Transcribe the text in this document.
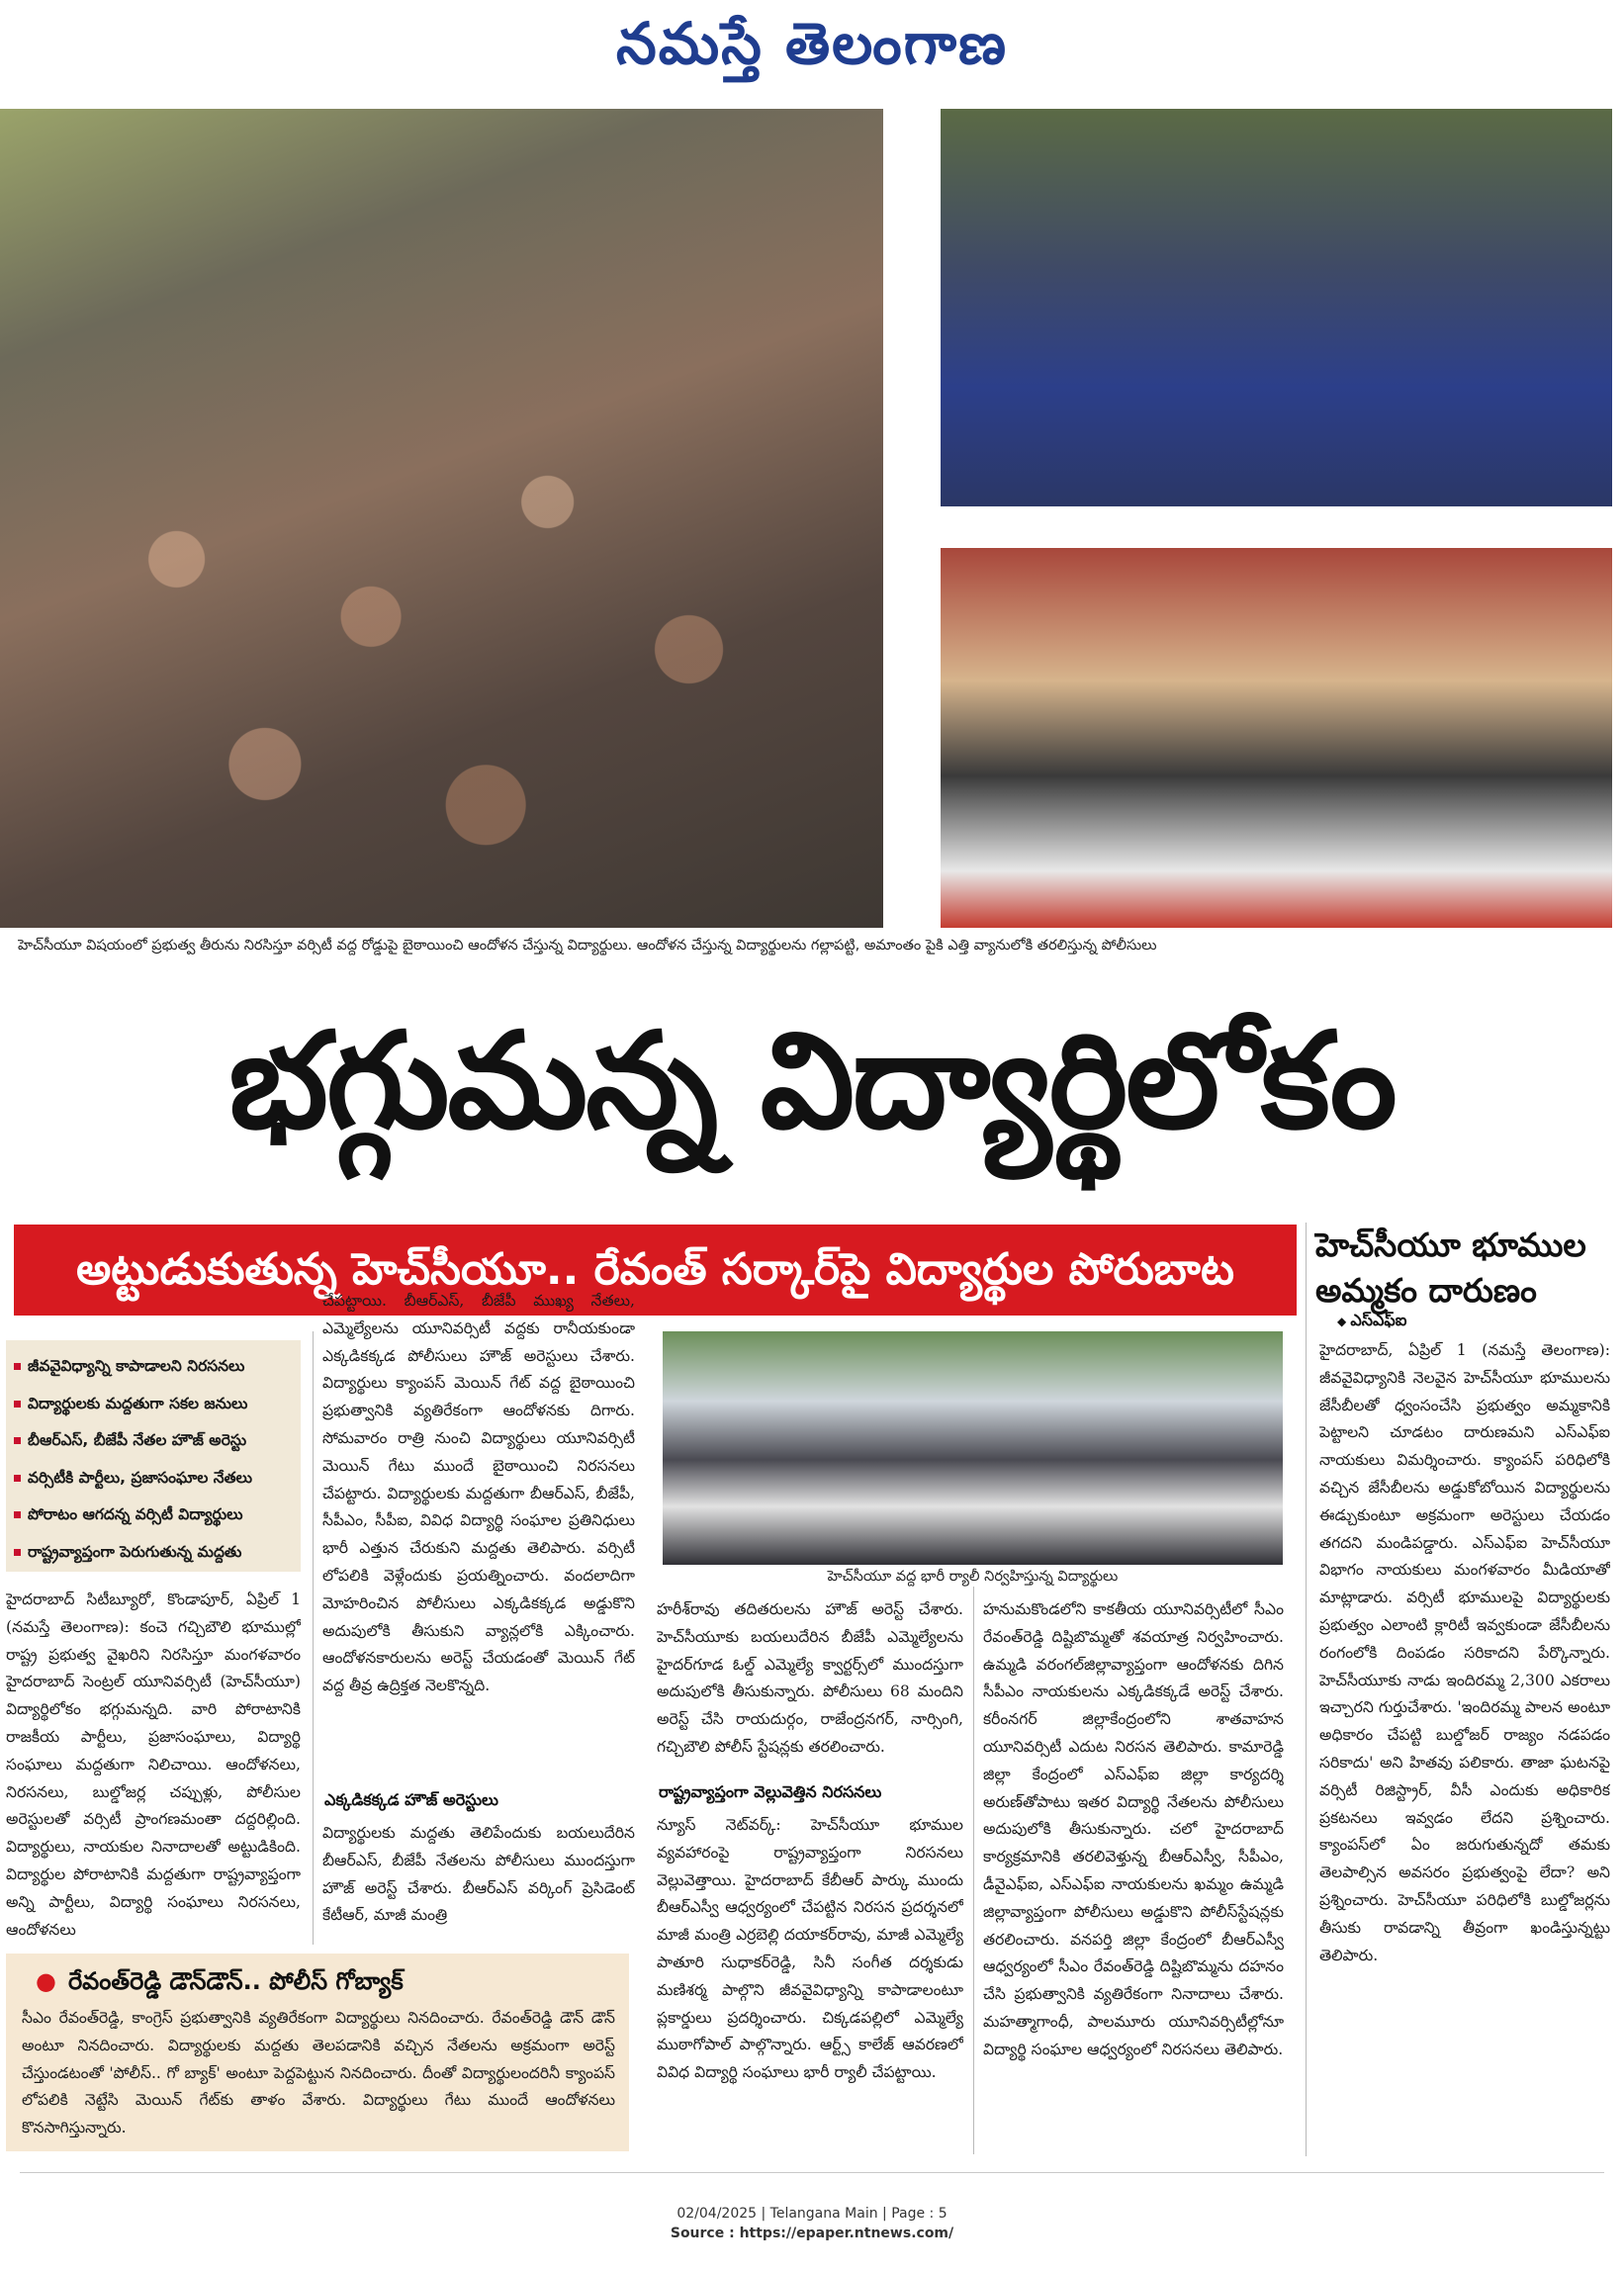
నమస్తే తెలంగాణ
హెచ్‌సీయూ విషయంలో ప్రభుత్వ తీరును నిరసిస్తూ వర్సిటీ వద్ద రోడ్డుపై బైఠాయించి ఆందోళన చేస్తున్న విద్యార్థులు. ఆందోళన చేస్తున్న విద్యార్థులను గల్లాపట్టి, అమాంతం పైకి ఎత్తి వ్యానులోకి తరలిస్తున్న పోలీసులు
భగ్గుమన్న విద్యార్థిలోకం
అట్టుడుకుతున్న హెచ్‌సీయూ.. రేవంత్‌ సర్కార్‌పై విద్యార్థుల పోరుబాట	హెచ్‌సీయూ భూముల అమ్మకం దారుణం
◆ ఎస్‌ఎఫ్‌ఐ
జీవవైవిధ్యాన్ని కాపాడాలని నిరసనలు
విద్యార్థులకు మద్దతుగా సకల జనులు
బీఆర్‌ఎస్‌, బీజేపీ నేతల హౌజ్‌ అరెస్టు
వర్సిటీకి పార్టీలు, ప్రజాసంఘాల నేతలు
పోరాటం ఆగదన్న వర్సిటీ విద్యార్థులు
రాష్ట్రవ్యాప్తంగా పెరుగుతున్న మద్దతు

హైదరాబాద్‌ సిటీబ్యూరో, కొండాపూర్‌, ఏప్రిల్‌ 1 (నమస్తే తెలంగాణ): కంచె గచ్చిబౌలి భూముల్లో రాష్ట్ర ప్రభుత్వ వైఖరిని నిరసిస్తూ మంగళవారం హైదరాబాద్‌ సెంట్రల్‌ యూనివర్సిటీ (హెచ్‌సీయూ) విద్యార్థిలోకం భగ్గుమన్నది. వారి పోరాటానికి రాజకీయ పార్టీలు, ప్రజాసంఘాలు, విద్యార్థి సంఘాలు మద్దతుగా నిలిచాయి. ఆందోళనలు, నిరసనలు, బుల్డోజర్ల చప్పుళ్లు, పోలీసుల అరెస్టులతో వర్సిటీ ప్రాంగణమంతా దద్దరిల్లింది. విద్యార్థులు, నాయకుల నినాదాలతో అట్టుడికింది. విద్యార్థుల పోరాటానికి మద్దతుగా రాష్ట్రవ్యాప్తంగా అన్ని పార్టీలు, విద్యార్థి సంఘాలు నిరసనలు, ఆందోళనలు

చేపట్టాయి. బీఆర్‌ఎస్‌, బీజేపీ ముఖ్య నేతలు, ఎమ్మెల్యేలను యూనివర్సిటీ వద్దకు రానీయకుండా ఎక్కడికక్కడ పోలీసులు హౌజ్‌ అరెస్టులు చేశారు. విద్యార్థులు క్యాంపస్‌ మెయిన్‌ గేట్‌ వద్ద బైఠాయించి ప్రభుత్వానికి వ్యతిరేకంగా ఆందోళనకు దిగారు. సోమవారం రాత్రి నుంచి విద్యార్థులు యూనివర్సిటీ మెయిన్‌ గేటు ముందే బైఠాయించి నిరసనలు చేపట్టారు. విద్యార్థులకు మద్దతుగా బీఆర్‌ఎస్‌, బీజేపీ, సీపీఎం, సీపీఐ, వివిధ విద్యార్థి సంఘాల ప్రతినిధులు భారీ ఎత్తున చేరుకుని మద్దతు తెలిపారు. వర్సిటీ లోపలికి వెళ్లేందుకు ప్రయత్నించారు. వందలాదిగా మోహరించిన పోలీసులు ఎక్కడికక్కడ అడ్డుకొని అదుపులోకి తీసుకుని వ్యాన్లలోకి ఎక్కించారు. ఆందోళనకారులను అరెస్ట్‌ చేయడంతో మెయిన్‌ గేట్‌ వద్ద తీవ్ర ఉద్రిక్తత నెలకొన్నది.

ఎక్కడికక్కడ హౌజ్‌ అరెస్టులు

విద్యార్థులకు మద్దతు తెలిపేందుకు బయలుదేరిన బీఆర్‌ఎస్‌, బీజేపీ నేతలను పోలీసులు ముందస్తుగా హౌజ్‌ అరెస్ట్‌ చేశారు. బీఆర్‌ఎస్‌ వర్కింగ్‌ ప్రెసిడెంట్‌ కేటీఆర్‌, మాజీ మంత్రి

హెచ్‌సీయూ వద్ద భారీ ర్యాలీ నిర్వహిస్తున్న విద్యార్థులు

హరీశ్‌రావు తదితరులను హౌజ్‌ అరెస్ట్‌ చేశారు. హెచ్‌సీయూకు బయలుదేరిన బీజేపీ ఎమ్మెల్యేలను హైదర్‌గూడ ఓల్డ్‌ ఎమ్మెల్యే క్వార్టర్స్‌లో ముందస్తుగా అదుపులోకి తీసుకున్నారు. పోలీసులు 68 మందిని అరెస్ట్‌ చేసి రాయదుర్గం, రాజేంద్రనగర్‌, నార్సింగి, గచ్చిబౌలి పోలీస్‌ స్టేషన్లకు తరలించారు.

రాష్ట్రవ్యాప్తంగా వెల్లువెత్తిన నిరసనలు

న్యూస్‌ నెట్‌వర్క్‌: హెచ్‌సీయూ భూముల వ్యవహారంపై రాష్ట్రవ్యాప్తంగా నిరసనలు వెల్లువెత్తాయి. హైదరాబాద్‌ కేబీఆర్‌ పార్కు ముందు బీఆర్‌ఎస్వీ ఆధ్వర్యంలో చేపట్టిన నిరసన ప్రదర్శనలో మాజీ మంత్రి ఎర్రబెల్లి దయాకర్‌రావు, మాజీ ఎమ్మెల్యే పాతూరి సుధాకర్‌రెడ్డి, సినీ సంగీత దర్శకుడు మణిశర్మ పాల్గొని జీవవైవిధ్యాన్ని కాపాడాలంటూ ప్లకార్డులు ప్రదర్శించారు. చిక్కడపల్లిలో ఎమ్మెల్యే ముఠాగోపాల్‌ పాల్గొన్నారు. ఆర్ట్స్‌ కాలేజ్‌ ఆవరణలో వివిధ విద్యార్థి సంఘాలు భారీ ర్యాలీ చేపట్టాయి.

హనుమకొండలోని కాకతీయ యూనివర్సిటీలో సీఎం రేవంత్‌రెడ్డి దిష్టిబొమ్మతో శవయాత్ర నిర్వహించారు. ఉమ్మడి వరంగల్‌జిల్లావ్యాప్తంగా ఆందోళనకు దిగిన సీపీఎం నాయకులను ఎక్కడికక్కడే అరెస్ట్‌ చేశారు. కరీంనగర్‌ జిల్లాకేంద్రంలోని శాతవాహన యూనివర్సిటీ ఎదుట నిరసన తెలిపారు. కామారెడ్డి జిల్లా కేంద్రంలో ఎస్‌ఎఫ్‌ఐ జిల్లా కార్యదర్శి అరుణ్‌తోపాటు ఇతర విద్యార్థి నేతలను పోలీసులు అదుపులోకి తీసుకున్నారు. చలో హైదరాబాద్‌ కార్యక్రమానికి తరలివెళ్తున్న బీఆర్‌ఎస్వీ, సీపీఎం, డీవైఎఫ్‌ఐ, ఎస్‌ఎఫ్‌ఐ నాయకులను ఖమ్మం ఉమ్మడి జిల్లావ్యాప్తంగా పోలీసులు అడ్డుకొని పోలీస్‌స్టేషన్లకు తరలించారు. వనపర్తి జిల్లా కేంద్రంలో బీఆర్‌ఎస్వీ ఆధ్వర్యంలో సీఎం రేవంత్‌రెడ్డి దిష్టిబొమ్మను దహనం చేసి ప్రభుత్వానికి వ్యతిరేకంగా నినాదాలు చేశారు. మహత్మాగాంధీ, పాలమూరు యూనివర్సిటీల్లోనూ విద్యార్థి సంఘాల ఆధ్వర్యంలో నిరసనలు తెలిపారు.

హైదరాబాద్‌, ఏప్రిల్‌ 1 (నమస్తే తెలంగాణ): జీవవైవిధ్యానికి నెలవైన హెచ్‌సీయూ భూములను జేసీబీలతో ధ్వంసంచేసి ప్రభుత్వం అమ్మకానికి పెట్టాలని చూడటం దారుణమని ఎస్‌ఎఫ్‌ఐ నాయకులు విమర్శించారు. క్యాంపస్‌ పరిధిలోకి వచ్చిన జేసీబీలను అడ్డుకోబోయిన విద్యార్థులను ఈడ్చుకుంటూ అక్రమంగా అరెస్టులు చేయడం తగదని మండిపడ్డారు. ఎస్‌ఎఫ్‌ఐ హెచ్‌సీయూ విభాగం నాయకులు మంగళవారం మీడియాతో మాట్లాడారు. వర్సిటీ భూములపై విద్యార్థులకు ప్రభుత్వం ఎలాంటి క్లారిటీ ఇవ్వకుండా జేసీబీలను రంగంలోకి దింపడం సరికాదని పేర్కొన్నారు. హెచ్‌సీయూకు నాడు ఇందిరమ్మ 2,300 ఎకరాలు ఇచ్చారని గుర్తుచేశారు. 'ఇందిరమ్మ పాలన అంటూ అధికారం చేపట్టి బుల్డోజర్‌ రాజ్యం నడపడం సరికాదు' అని హితవు పలికారు. తాజా ఘటనపై వర్సిటీ రిజిస్ట్రార్‌, వీసీ ఎందుకు అధికారిక ప్రకటనలు ఇవ్వడం లేదని ప్రశ్నించారు. క్యాంపస్‌లో ఏం జరుగుతున్నదో తమకు తెలపాల్సిన అవసరం ప్రభుత్వంపై లేదా? అని ప్రశ్నించారు. హెచ్‌సీయూ పరిధిలోకి బుల్డోజర్లను తీసుకు రావడాన్ని తీవ్రంగా ఖండిస్తున్నట్టు తెలిపారు.

● రేవంత్‌రెడ్డి డౌన్‌డౌన్‌.. పోలీస్‌ గోబ్యాక్‌

సీఎం రేవంత్‌రెడ్డి, కాంగ్రెస్‌ ప్రభుత్వానికి వ్యతిరేకంగా విద్యార్థులు నినదించారు. రేవంత్‌రెడ్డి డౌన్‌ డౌన్‌ అంటూ నినదించారు. విద్యార్థులకు మద్దతు తెలపడానికి వచ్చిన నేతలను అక్రమంగా అరెస్ట్‌ చేస్తుండటంతో 'పోలీస్‌.. గో బ్యాక్‌' అంటూ పెద్దపెట్టున నినదించారు. దీంతో విద్యార్థులందరినీ క్యాంపస్‌ లోపలికి నెట్టేసి మెయిన్‌ గేట్‌కు తాళం వేశారు. విద్యార్థులు గేటు ముందే ఆందోళనలు కొనసాగిస్తున్నారు.

02/04/2025 | Telangana Main | Page : 5
Source : https://epaper.ntnews.com/
